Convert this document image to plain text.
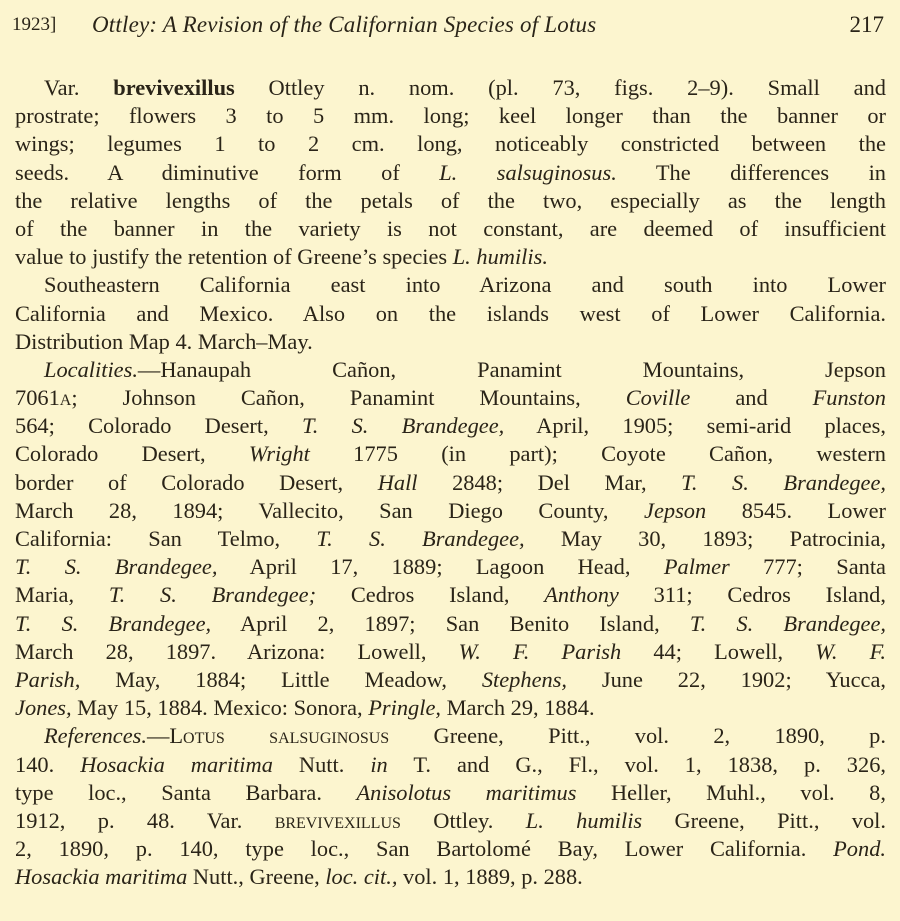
1923] Ottley: A Revision of the Californian Species of Lotus	217
Var. brevivexillus Ottley n. nom. (pl. 73, figs. 2–9). Small and
prostrate; flowers 3 to 5 mm. long; keel longer than the banner or
wings; legumes 1 to 2 cm. long, noticeably constricted between the
seeds. A diminutive form of L. salsuginosus. The differences in
the relative lengths of the petals of the two, especially as the length
of the banner in the variety is not constant, are deemed of insufficient
value to justify the retention of Greene’s species L. humilis.
Southeastern California east into Arizona and south into Lower
California and Mexico. Also on the islands west of Lower California.
Distribution Map 4. March–May.
Localities.—Hanaupah Cañon, Panamint Mountains, Jepson
7061a; Johnson Cañon, Panamint Mountains, Coville and Funston
564; Colorado Desert, T. S. Brandegee, April, 1905; semi-arid places,
Colorado Desert, Wright 1775 (in part); Coyote Cañon, western
border of Colorado Desert, Hall 2848; Del Mar, T. S. Brandegee,
March 28, 1894; Vallecito, San Diego County, Jepson 8545. Lower
California: San Telmo, T. S. Brandegee, May 30, 1893; Patrocinia,
T. S. Brandegee, April 17, 1889; Lagoon Head, Palmer 777; Santa
Maria, T. S. Brandegee; Cedros Island, Anthony 311; Cedros Island,
T. S. Brandegee, April 2, 1897; San Benito Island, T. S. Brandegee,
March 28, 1897. Arizona: Lowell, W. F. Parish 44; Lowell, W. F.
Parish, May, 1884; Little Meadow, Stephens, June 22, 1902; Yucca,
Jones, May 15, 1884. Mexico: Sonora, Pringle, March 29, 1884.
References.—Lotus salsuginosus Greene, Pitt., vol. 2, 1890, p.
140. Hosackia maritima Nutt. in T. and G., Fl., vol. 1, 1838, p. 326,
type loc., Santa Barbara. Anisolotus maritimus Heller, Muhl., vol. 8,
1912, p. 48. Var. brevivexillus Ottley. L. humilis Greene, Pitt., vol.
2, 1890, p. 140, type loc., San Bartolomé Bay, Lower California. Pond.
Hosackia maritima Nutt., Greene, loc. cit., vol. 1, 1889, p. 288.
